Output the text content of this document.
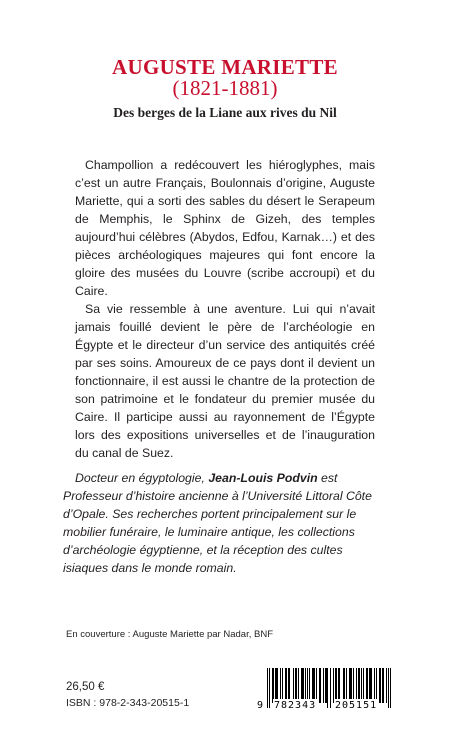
AUGUSTE MARIETTE
(1821-1881)
Des berges de la Liane aux rives du Nil

Champollion a redécouvert les hiéroglyphes, mais c’est un autre Français, Boulonnais d’origine, Auguste Mariette, qui a sorti des sables du désert le Serapeum de Memphis, le Sphinx de Gizeh, des temples aujourd’hui célèbres (Abydos, Edfou, Karnak…) et des pièces archéologiques majeures qui font encore la gloire des musées du Louvre (scribe accroupi) et du Caire.

Sa vie ressemble à une aventure. Lui qui n’avait jamais fouillé devient le père de l’archéologie en Égypte et le directeur d’un service des antiquités créé par ses soins. Amoureux de ce pays dont il devient un fonctionnaire, il est aussi le chantre de la protection de son patrimoine et le fondateur du premier musée du Caire. Il participe aussi au rayonnement de l’Égypte lors des expositions universelles et de l’inauguration du canal de Suez.

Docteur en égyptologie, Jean-Louis Podvin est Professeur d’histoire ancienne à l’Université Littoral Côte d’Opale. Ses recherches portent principalement sur le mobilier funéraire, le luminaire antique, les collections d’archéologie égyptienne, et la réception des cultes isiaques dans le monde romain.

En couverture : Auguste Mariette par Nadar, BNF

26,50 €

ISBN : 978-2-343-20515-1	9 782343 205151
